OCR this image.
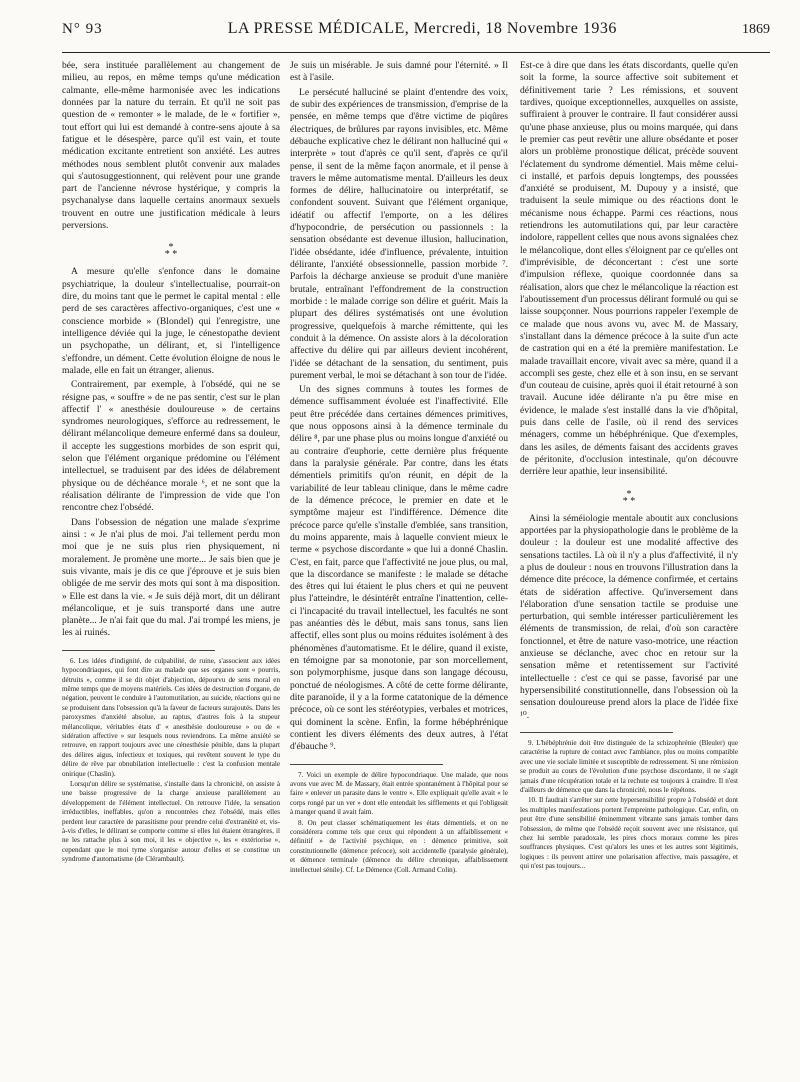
N° 93	LA PRESSE MÉDICALE, Mercredi, 18 Novembre 1936	1869

bée, sera instituée parallèlement au changement de milieu, au repos, en même temps qu'une médication calmante, elle-même harmonisée avec les indications données par la nature du terrain. Et qu'il ne soit pas question de « remonter » le malade, de le « fortifier », tout effort qui lui est demandé à contre-sens ajoute à sa fatigue et le désespère, parce qu'il est vain, et toute médication excitante entretient son anxiété. Les autres méthodes nous semblent plutôt convenir aux malades qui s'autosuggestionnent, qui relèvent pour une grande part de l'ancienne névrose hystérique, y compris la psychanalyse dans laquelle certains anormaux sexuels trouvent en outre une justification médicale à leurs perversions.

*
* *

A mesure qu'elle s'enfonce dans le domaine psychiatrique, la douleur s'intellectualise, pourrait-on dire, du moins tant que le permet le capital mental : elle perd de ses caractères affectivo-organiques, c'est une « conscience morbide » (Blondel) qui l'enregistre, une intelligence déviée qui la juge, le cénestopathe devient un psychopathe, un délirant, et, si l'intelligence s'effondre, un dément. Cette évolution éloigne de nous le malade, elle en fait un étranger, alienus.

Contrairement, par exemple, à l'obsédé, qui ne se résigne pas, « souffre » de ne pas sentir, c'est sur le plan affectif l' « anesthésie douloureuse » de certains syndromes neurologiques, s'efforce au redressement, le délirant mélancolique demeure enfermé dans sa douleur, il accepte les suggestions morbides de son esprit qui, selon que l'élément organique prédomine ou l'élément intellectuel, se traduisent par des idées de délabrement physique ou de déchéance morale ⁶, et ne sont que la réalisation délirante de l'impression de vide que l'on rencontre chez l'obsédé.

Dans l'obsession de négation une malade s'exprime ainsi : « Je n'ai plus de moi. J'ai tellement perdu mon moi que je ne suis plus rien physiquement, ni moralement. Je promène une morte... Je sais bien que je suis vivante, mais je dis ce que j'éprouve et je suis bien obligée de me servir des mots qui sont à ma disposition. » Elle est dans la vie. « Je suis déjà mort, dit un délirant mélancolique, et je suis transporté dans une autre planète... Je n'ai fait que du mal. J'ai trompé les miens, je les ai ruinés.

6. Les idées d'indignité, de culpabilité, de ruine, s'associent aux idées hypocondriaques, qui font dire au malade que ses organes sont « pourris, détruits », comme il se dit objet d'abjection, dépourvu de sens moral en même temps que de moyens matériels. Ces idées de destruction d'organe, de négation, peuvent le conduire à l'automutilation, au suicide, réactions qui ne se produisent dans l'obsession qu'à la faveur de facteurs surajoutés. Dans les paroxysmes d'anxiété absolue, au raptus, d'autres fois à la stupeur mélancolique, véritables états d' « anesthésie douloureuse » ou de « sidération affective » sur lesquels nous reviendrons. La même anxiété se retrouve, en rapport toujours avec une cénesthésie pénible, dans la plupart des délires aigus, infectieux et toxiques, qui revêtent souvent le type du délire de rêve par obnubilation intellectuelle : c'est la confusion mentale onirique (Chaslin).

Lorsqu'un délire se systématise, s'installe dans la chronicité, on assiste à une baisse progressive de la charge anxieuse parallèlement au développement de l'élément intellectuel. On retrouve l'idée, la sensation irréductibles, ineffables, qu'on a rencontrées chez l'obsédé, mais elles perdent leur caractère de parasitisme pour prendre celui d'extranéité et, vis-à-vis d'elles, le délirant se comporte comme si elles lui étaient étrangères, il ne les rattache plus à son moi, il les « objective », les « extériorise », cependant que le moi tyme s'organise autour d'elles et se constitue un syndrome d'automatisme (de Clérambault).

Je suis un misérable. Je suis damné pour l'éternité. » Il est à l'asile.

Le persécuté halluciné se plaint d'entendre des voix, de subir des expériences de transmission, d'emprise de la pensée, en même temps que d'être victime de piqûres électriques, de brûlures par rayons invisibles, etc. Même débauche explicative chez le délirant non halluciné qui « interprète » tout d'après ce qu'il sent, d'après ce qu'il pense, il sent de la même façon anormale, et il pense à travers le même automatisme mental. D'ailleurs les deux formes de délire, hallucinatoire ou interprétatif, se confondent souvent. Suivant que l'élément organique, idéatif ou affectif l'emporte, on a les délires d'hypocondrie, de persécution ou passionnels : la sensation obsédante est devenue illusion, hallucination, l'idée obsédante, idée d'influence, prévalente, intuition délirante, l'anxiété obsessionnelle, passion morbide ⁷. Parfois la décharge anxieuse se produit d'une manière brutale, entraînant l'effondrement de la construction morbide : le malade corrige son délire et guérit. Mais la plupart des délires systématisés ont une évolution progressive, quelquefois à marche rémittente, qui les conduit à la démence. On assiste alors à la décoloration affective du délire qui par ailleurs devient incohérent, l'idée se détachant de la sensation, du sentiment, puis purement verbal, le moi se détachant à son tour de l'idée.

Un des signes communs à toutes les formes de démence suffisamment évoluée est l'inaffectivité. Elle peut être précédée dans certaines démences primitives, que nous opposons ainsi à la démence terminale du délire ⁸, par une phase plus ou moins longue d'anxiété ou au contraire d'euphorie, cette dernière plus fréquente dans la paralysie générale. Par contre, dans les états démentiels primitifs qu'on réunit, en dépit de la variabilité de leur tableau clinique, dans le même cadre de la démence précoce, le premier en date et le symptôme majeur est l'indifférence. Démence dite précoce parce qu'elle s'installe d'emblée, sans transition, du moins apparente, mais à laquelle convient mieux le terme « psychose discordante » que lui a donné Chaslin. C'est, en fait, parce que l'affectivité ne joue plus, ou mal, que la discordance se manifeste : le malade se détache des êtres qui lui étaient le plus chers et qui ne peuvent plus l'atteindre, le désintérêt entraîne l'inattention, celle-ci l'incapacité du travail intellectuel, les facultés ne sont pas anéanties dès le début, mais sans tonus, sans lien affectif, elles sont plus ou moins réduites isolément à des phénomènes d'automatisme. Et le délire, quand il existe, en témoigne par sa monotonie, par son morcellement, son polymorphisme, jusque dans son langage décousu, ponctué de néologismes. A côté de cette forme délirante, dite paranoïde, il y a la forme catatonique de la démence précoce, où ce sont les stéréotypies, verbales et motrices, qui dominent la scène. Enfin, la forme hébéphrénique contient les divers éléments des deux autres, à l'état d'ébauche ⁹.

7. Voici un exemple de délire hypocondriaque. Une malade, que nous avons vue avec M. de Massary, était entrée spontanément à l'hôpital pour se faire « enlever un parasite dans le ventre ». Elle expliquait qu'elle avait « le corps rongé par un ver » dont elle entendait les sifflements et qui l'obligeait à manger quand il avait faim.

8. On peut classer schématiquement les états démentiels, et on ne considérera comme tels que ceux qui répondent à un affaiblissement « définitif » de l'activité psychique, en : démence primitive, soit constitutionnelle (démence précoce), soit accidentelle (paralysie générale), et démence terminale (démence du délire chronique, affaiblissement intellectuel sénile). Cf. Le Démence (Coll. Armand Colin).

Est-ce à dire que dans les états discordants, quelle qu'en soit la forme, la source affective soit subitement et définitivement tarie ? Les rémissions, et souvent tardives, quoique exceptionnelles, auxquelles on assiste, suffiraient à prouver le contraire. Il faut considérer aussi qu'une phase anxieuse, plus ou moins marquée, qui dans le premier cas peut revêtir une allure obsédante et poser alors un problème pronostique délicat, précède souvent l'éclatement du syndrome démentiel. Mais même celui-ci installé, et parfois depuis longtemps, des poussées d'anxiété se produisent, M. Dupouy y a insisté, que traduisent la seule mimique ou des réactions dont le mécanisme nous échappe. Parmi ces réactions, nous retiendrons les automutilations qui, par leur caractère indolore, rappellent celles que nous avons signalées chez le mélancolique, dont elles s'éloignent par ce qu'elles ont d'imprévisible, de déconcertant : c'est une sorte d'impulsion réflexe, quoique coordonnée dans sa réalisation, alors que chez le mélancolique la réaction est l'aboutissement d'un processus délirant formulé ou qui se laisse soupçonner. Nous pourrions rappeler l'exemple de ce malade que nous avons vu, avec M. de Massary, s'installant dans la démence précoce à la suite d'un acte de castration qui en a été la première manifestation. Le malade travaillait encore, vivait avec sa mère, quand il a accompli ses geste, chez elle et à son insu, en se servant d'un couteau de cuisine, après quoi il était retourné à son travail. Aucune idée délirante n'a pu être mise en évidence, le malade s'est installé dans la vie d'hôpital, puis dans celle de l'asile, où il rend des services ménagers, comme un hébéphrénique. Que d'exemples, dans les asiles, de déments faisant des accidents graves de péritonite, d'occlusion intestinale, qu'on découvre derrière leur apathie, leur insensibilité.

*
* *

Ainsi la séméiologie mentale aboutit aux conclusions apportées par la physiopathologie dans le problème de la douleur : la douleur est une modalité affective des sensations tactiles. Là où il n'y a plus d'affectivité, il n'y a plus de douleur : nous en trouvons l'illustration dans la démence dite précoce, la démence confirmée, et certains états de sidération affective. Qu'inversement dans l'élaboration d'une sensation tactile se produise une perturbation, qui semble intéresser particulièrement les éléments de transmission, de relai, d'où son caractère fonctionnel, et être de nature vaso-motrice, une réaction anxieuse se déclanche, avec choc en retour sur la sensation même et retentissement sur l'activité intellectuelle : c'est ce qui se passe, favorisé par une hypersensibilité constitutionnelle, dans l'obsession où la sensation douloureuse prend alors la place de l'idée fixe ¹⁰.

9. L'hébéphrénie doit être distinguée de la schizophrénie (Bleuler) que caractérise la rupture de contact avec l'ambiance, plus ou moins compatible avec une vie sociale limitée et susceptible de redressement. Si une rémission se produit au cours de l'évolution d'une psychose discordante, il ne s'agit jamais d'une récupération totale et la rechute est toujours à craindre. Il n'est d'ailleurs de démence que dans la chronicité, nous le répétons.

10. Il faudrait s'arrêter sur cette hypersensibilité propre à l'obsédé et dont les multiples manifestations portent l'empreinte pathologique. Car, enfin, on peut être d'une sensibilité éminemment vibrante sans jamais tomber dans l'obsession, de même que l'obsédé reçoit souvent avec une résistance, qui chez lui semble paradoxale, les pires chocs moraux comme les pires souffrances physiques. C'est qu'alors les unes et les autres sont légitimés, logiques : ils peuvent attirer une polarisation affective, mais passagère, et qui n'est pas toujours...
